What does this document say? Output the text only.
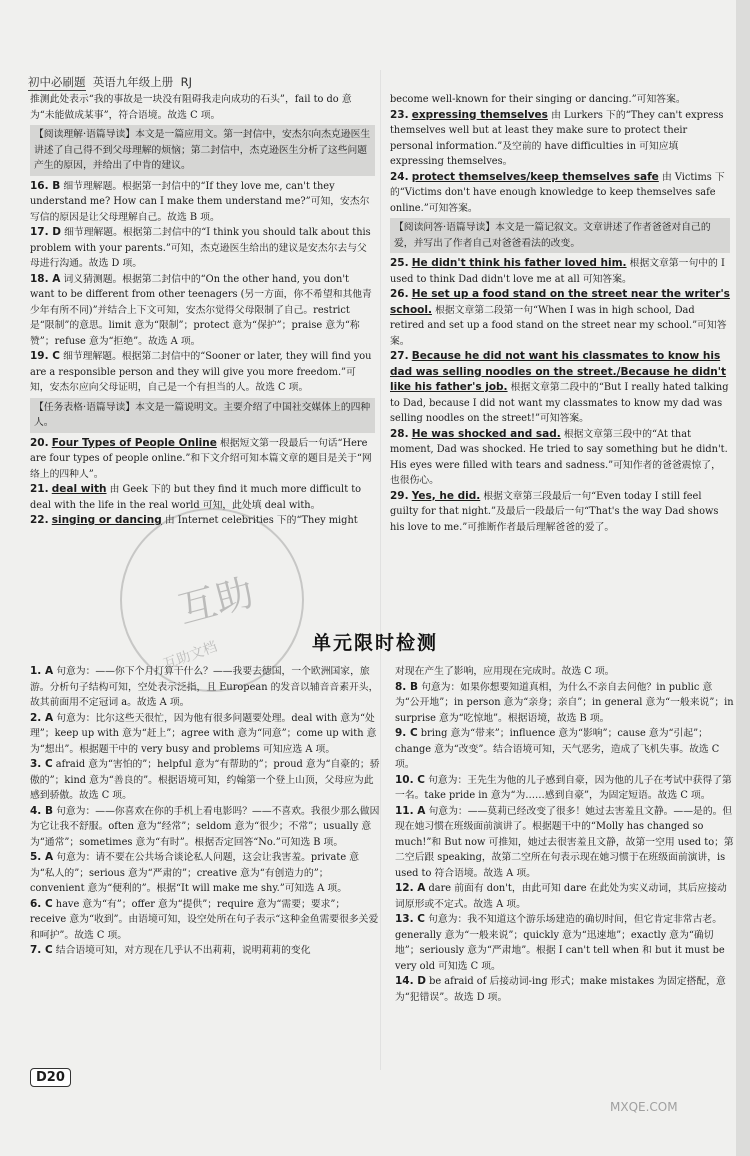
初中必刷题 英语九年级上册 RJ
推测此处表示“我的事故是一块没有阻碍我走向成功的石头”，fail to do 意为“未能做成某事”，符合语境。故选 C 项。
【阅读理解·语篇导读】本文是一篇应用文。第一封信中，安杰尔向杰克逊医生讲述了自己得不到父母理解的烦恼；第二封信中，杰克逊医生分析了这些问题产生的原因，并给出了中肯的建议。
16. B 细节理解题。根据第一封信中的“If they love me, can't they understand me? How can I make them understand me?”可知，安杰尔写信的原因是让父母理解自己。故选 B 项。
17. D 细节理解题。根据第二封信中的“I think you should talk about this problem with your parents.”可知，杰克逊医生给出的建议是安杰尔去与父母进行沟通。故选 D 项。
18. A 词义猜测题。根据第二封信中的“On the other hand, you don't want to be different from other teenagers (另一方面，你不希望和其他青少年有所不同)”并结合上下文可知，安杰尔觉得父母限制了自己。restrict 是“限制”的意思。limit 意为“限制”；protect 意为“保护”；praise 意为“称赞”；refuse 意为“拒绝”。故选 A 项。
19. C 细节理解题。根据第二封信中的“Sooner or later, they will find you are a responsible person and they will give you more freedom.”可知，安杰尔应向父母证明，自己是一个有担当的人。故选 C 项。
【任务表格·语篇导读】本文是一篇说明文。主要介绍了中国社交媒体上的四种人。
20. Four Types of People Online 根据短文第一段最后一句话“Here are four types of people online.”和下文介绍可知本篇文章的题目是关于“网络上的四种人”。
21. deal with 由 Geek 下的 but they find it much more difficult to deal with the life in the real world 可知，此处填 deal with。
22. singing or dancing 由 Internet celebrities 下的“They might
become well-known for their singing or dancing.”可知答案。
23. expressing themselves 由 Lurkers 下的“They can't express themselves well but at least they make sure to protect their personal information.”及空前的 have difficulties in 可知应填 expressing themselves。
24. protect themselves/keep themselves safe 由 Victims 下的“Victims don't have enough knowledge to keep themselves safe online.”可知答案。
【阅读问答·语篇导读】本文是一篇记叙文。文章讲述了作者爸爸对自己的爱，并写出了作者自己对爸爸看法的改变。
25. He didn't think his father loved him. 根据文章第一句中的 I used to think Dad didn't love me at all 可知答案。
26. He set up a food stand on the street near the writer's school. 根据文章第二段第一句“When I was in high school, Dad retired and set up a food stand on the street near my school.”可知答案。
27. Because he did not want his classmates to know his dad was selling noodles on the street./Because he didn't like his father's job. 根据文章第二段中的“But I really hated talking to Dad, because I did not want my classmates to know my dad was selling noodles on the street!”可知答案。
28. He was shocked and sad. 根据文章第三段中的“At that moment, Dad was shocked. He tried to say something but he didn't. His eyes were filled with tears and sadness.”可知作者的爸爸震惊了，也很伤心。
29. Yes, he did. 根据文章第三段最后一句“Even today I still feel guilty for that night.”及最后一段最后一句“That's the way Dad shows his love to me.”可推断作者最后理解爸爸的爱了。
单元限时检测
1. A 句意为：——你下个月打算干什么？——我要去德国，一个欧洲国家，旅游。分析句子结构可知，空处表示泛指，且 European 的发音以辅音音素开头，故其前面用不定冠词 a。故选 A 项。
2. A 句意为：比尔这些天很忙，因为他有很多问题要处理。deal with 意为“处理”；keep up with 意为“赶上”；agree with 意为“同意”；come up with 意为“想出”。根据题干中的 very busy and problems 可知应选 A 项。
3. C afraid 意为“害怕的”；helpful 意为“有帮助的”；proud 意为“自豪的；骄傲的”；kind 意为“善良的”。根据语境可知，约翰第一个登上山顶，父母应为此感到骄傲。故选 C 项。
4. B 句意为：——你喜欢在你的手机上看电影吗？——不喜欢。我很少那么做因为它让我不舒服。often 意为“经常”；seldom 意为“很少；不常”；usually 意为“通常”；sometimes 意为“有时”。根据否定回答“No.”可知选 B 项。
5. A 句意为：请不要在公共场合谈论私人问题，这会让我害羞。private 意为“私人的”；serious 意为“严肃的”；creative 意为“有创造力的”；convenient 意为“便利的”。根据“It will make me shy.”可知选 A 项。
6. C have 意为“有”；offer 意为“提供”；require 意为“需要；要求”；receive 意为“收到”。由语境可知，设空处所在句子表示“这种金鱼需要很多关爱和呵护”。故选 C 项。
7. C 结合语境可知，对方现在几乎认不出莉莉，说明莉莉的变化
对现在产生了影响，应用现在完成时。故选 C 项。
8. B 句意为：如果你想要知道真相，为什么不亲自去问他？in public 意为“公开地”；in person 意为“亲身；亲自”；in general 意为“一般来说”；in surprise 意为“吃惊地”。根据语境，故选 B 项。
9. C bring 意为“带来”；influence 意为“影响”；cause 意为“引起”；change 意为“改变”。结合语境可知，天气恶劣，造成了飞机失事。故选 C 项。
10. C 句意为：王先生为他的儿子感到自豪，因为他的儿子在考试中获得了第一名。take pride in 意为“为……感到自豪”，为固定短语。故选 C 项。
11. A 句意为：——莫莉已经改变了很多！她过去害羞且文静。——是的。但现在她习惯在班级面前演讲了。根据题干中的“Molly has changed so much!”和 But now 可推知，她过去很害羞且文静，故第一空用 used to；第二空后跟 speaking，故第二空所在句表示现在她习惯于在班级面前演讲，is used to 符合语境。故选 A 项。
12. A dare 前面有 don't，由此可知 dare 在此处为实义动词，其后应接动词原形或不定式。故选 A 项。
13. C 句意为：我不知道这个游乐场建造的确切时间，但它肯定非常古老。generally 意为“一般来说”；quickly 意为“迅速地”；exactly 意为“确切地”；seriously 意为“严肃地”。根据 I can't tell when 和 but it must be very old 可知选 C 项。
14. D be afraid of 后接动词-ing 形式；make mistakes 为固定搭配，意为“犯错误”。故选 D 项。
互助
互助文档
D20
MXQE.COM
